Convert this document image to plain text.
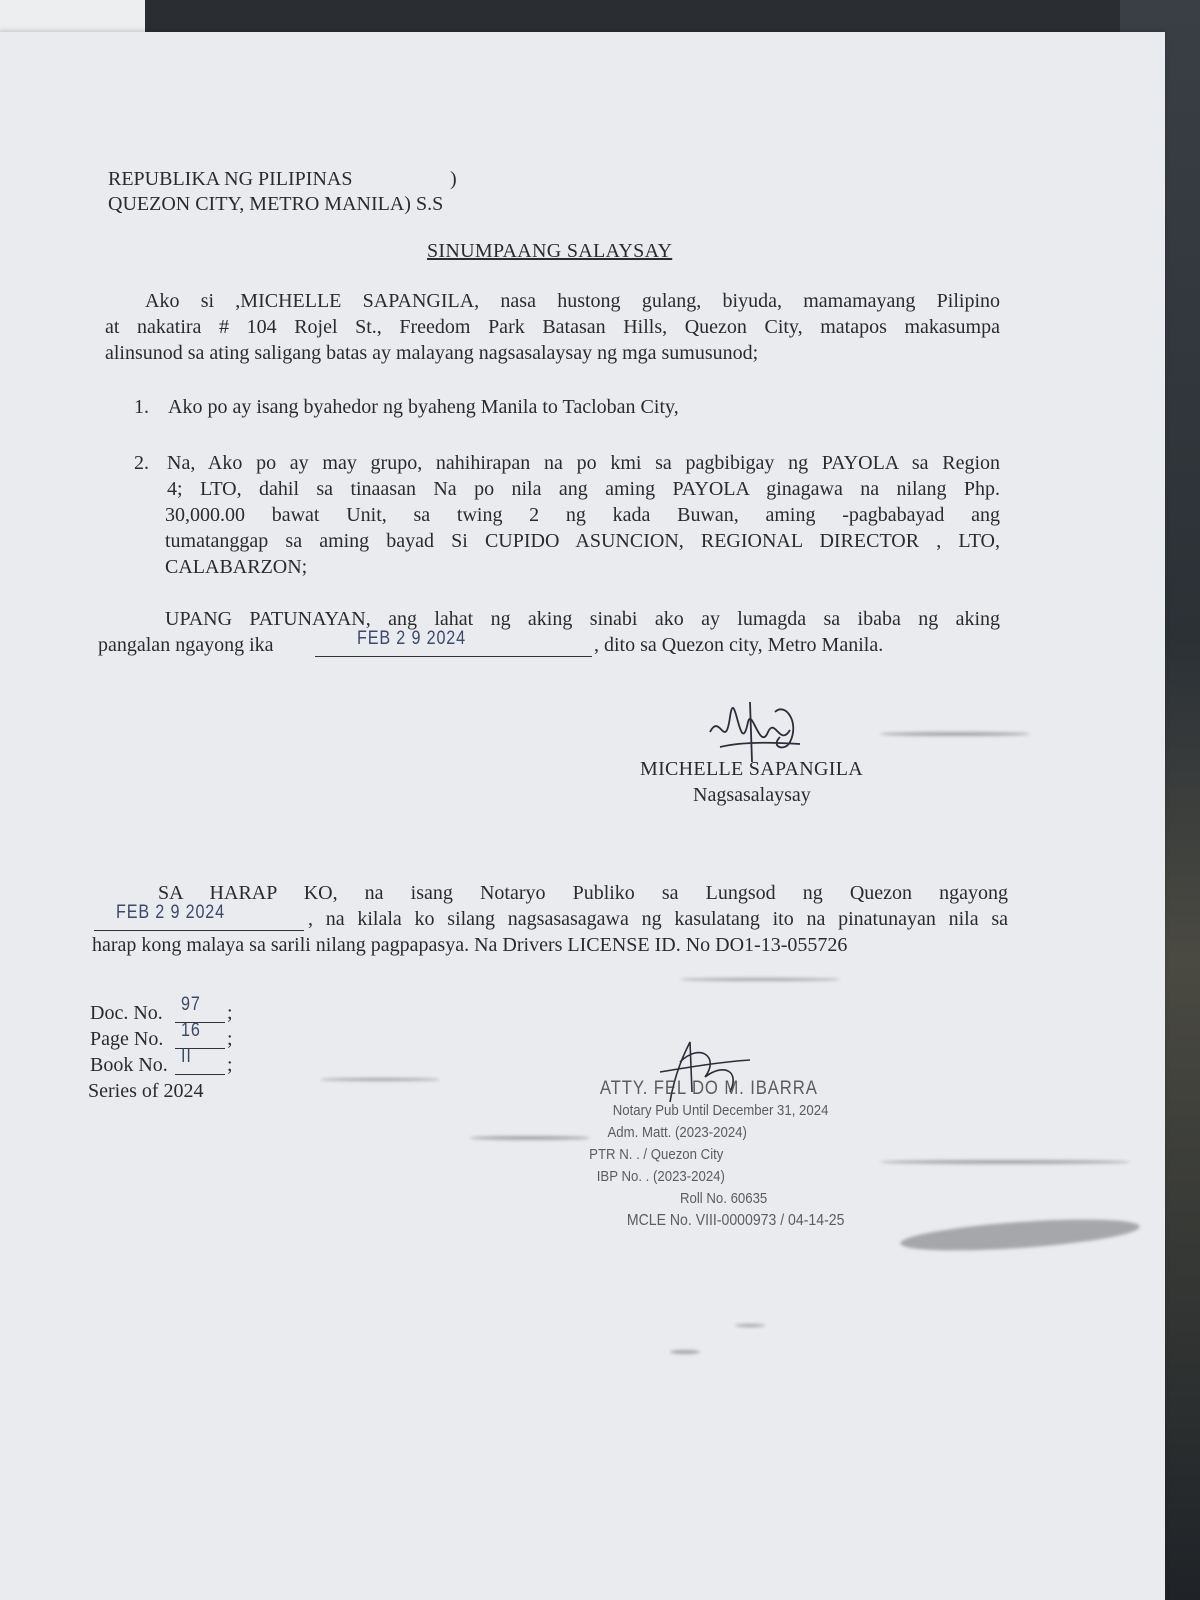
REPUBLIKA NG PILIPINAS	)
QUEZON CITY, METRO MANILA) S.S
SINUMPAANG SALAYSAY
Ako si ,MICHELLE SAPANGILA, nasa hustong gulang, biyuda, mamamayang Pilipino
at nakatira # 104 Rojel St., Freedom Park Batasan Hills, Quezon City, matapos makasumpa
alinsunod sa ating saligang batas ay malayang nagsasalaysay ng mga sumusunod;
1. Ako po ay isang byahedor ng byaheng Manila to Tacloban City,
2. Na, Ako po ay may grupo, nahihirapan na po kmi sa pagbibigay ng PAYOLA sa Region
4; LTO, dahil sa tinaasan Na po nila ang aming PAYOLA ginagawa na nilang Php.
30,000.00 bawat Unit, sa twing 2 ng kada Buwan, aming -pagbabayad ang
tumatanggap sa aming bayad Si CUPIDO ASUNCION, REGIONAL DIRECTOR , LTO,
CALABARZON;
UPANG PATUNAYAN, ang lahat ng aking sinabi ako ay lumagda sa ibaba ng aking
pangalan ngayong ika	FEB 2 9 2024	, dito sa Quezon city, Metro Manila.
MICHELLE SAPANGILA
Nagsasalaysay
SA HARAP KO, na isang Notaryo Publiko sa Lungsod ng Quezon ngayong
FEB 2 9 2024	, na kilala ko silang nagsasasagawa ng kasulatang ito na pinatunayan nila sa
harap kong malaya sa sarili nilang pagpapasya. Na Drivers LICENSE ID. No DO1-13-055726
Doc. No. 97 ;
Page No. 16 ;
Book No. II ;
Series of 2024	ATTY. FEL DO M. IBARRA
Notary Pub Until December 31, 2024
Adm. Matt. (2023-2024)
PTR N. . / Quezon City
IBP No. . (2023-2024)
Roll No. 60635
MCLE No. VIII-0000973 / 04-14-25
